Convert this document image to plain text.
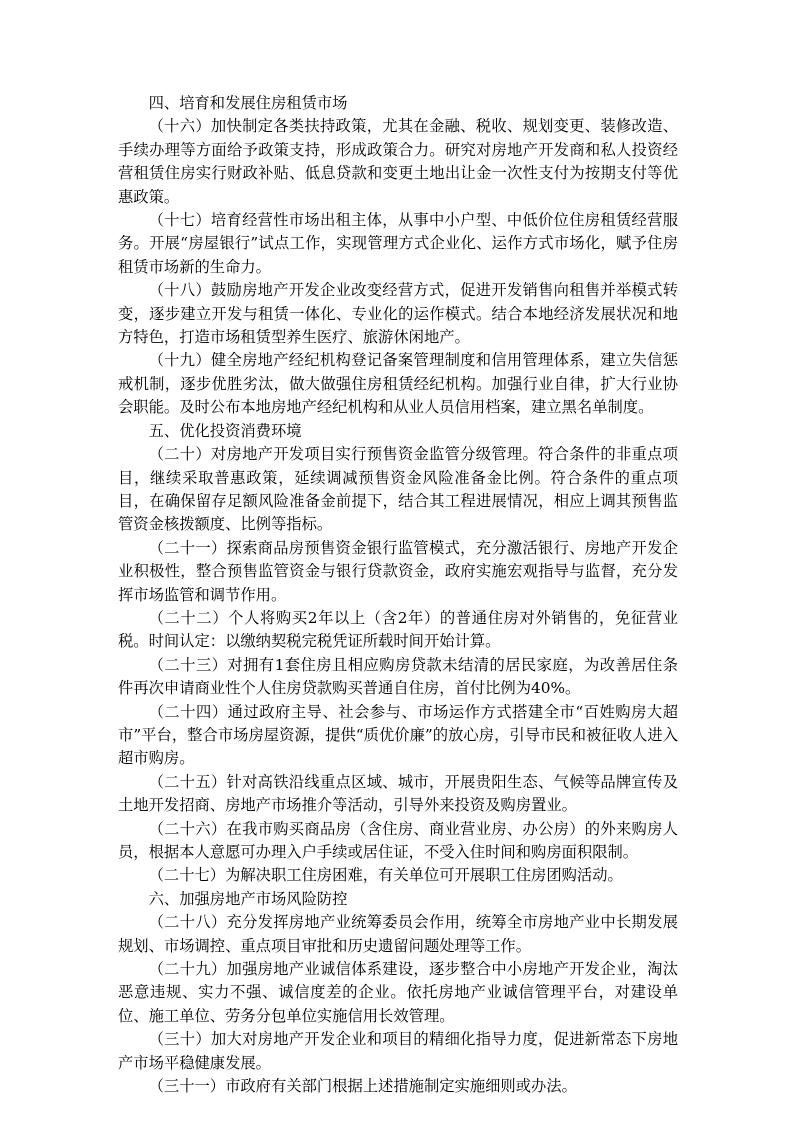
四、培育和发展住房租赁市场

（十六）加快制定各类扶持政策，尤其在金融、税收、规划变更、装修改造、手续办理等方面给予政策支持，形成政策合力。研究对房地产开发商和私人投资经营租赁住房实行财政补贴、低息贷款和变更土地出让金一次性支付为按期支付等优惠政策。

（十七）培育经营性市场出租主体，从事中小户型、中低价位住房租赁经营服务。开展“房屋银行”试点工作，实现管理方式企业化、运作方式市场化，赋予住房租赁市场新的生命力。

（十八）鼓励房地产开发企业改变经营方式，促进开发销售向租售并举模式转变，逐步建立开发与租赁一体化、专业化的运作模式。结合本地经济发展状况和地方特色，打造市场租赁型养生医疗、旅游休闲地产。

（十九）健全房地产经纪机构登记备案管理制度和信用管理体系，建立失信惩戒机制，逐步优胜劣汰，做大做强住房租赁经纪机构。加强行业自律，扩大行业协会职能。及时公布本地房地产经纪机构和从业人员信用档案，建立黑名单制度。

五、优化投资消费环境

（二十）对房地产开发项目实行预售资金监管分级管理。符合条件的非重点项目，继续采取普惠政策，延续调减预售资金风险准备金比例。符合条件的重点项目，在确保留存足额风险准备金前提下，结合其工程进展情况，相应上调其预售监管资金核拨额度、比例等指标。

（二十一）探索商品房预售资金银行监管模式，充分激活银行、房地产开发企业积极性，整合预售监管资金与银行贷款资金，政府实施宏观指导与监督，充分发挥市场监管和调节作用。

（二十二）个人将购买2年以上（含2年）的普通住房对外销售的，免征营业税。时间认定：以缴纳契税完税凭证所载时间开始计算。

（二十三）对拥有1套住房且相应购房贷款未结清的居民家庭，为改善居住条件再次申请商业性个人住房贷款购买普通自住房，首付比例为40%。

（二十四）通过政府主导、社会参与、市场运作方式搭建全市“百姓购房大超市”平台，整合市场房屋资源，提供“质优价廉”的放心房，引导市民和被征收人进入超市购房。

（二十五）针对高铁沿线重点区域、城市，开展贵阳生态、气候等品牌宣传及土地开发招商、房地产市场推介等活动，引导外来投资及购房置业。

（二十六）在我市购买商品房（含住房、商业营业房、办公房）的外来购房人员，根据本人意愿可办理入户手续或居住证，不受入住时间和购房面积限制。

（二十七）为解决职工住房困难，有关单位可开展职工住房团购活动。

六、加强房地产市场风险防控

（二十八）充分发挥房地产业统筹委员会作用，统筹全市房地产业中长期发展规划、市场调控、重点项目审批和历史遗留问题处理等工作。

（二十九）加强房地产业诚信体系建设，逐步整合中小房地产开发企业，淘汰恶意违规、实力不强、诚信度差的企业。依托房地产业诚信管理平台，对建设单位、施工单位、劳务分包单位实施信用长效管理。

（三十）加大对房地产开发企业和项目的精细化指导力度，促进新常态下房地产市场平稳健康发展。

（三十一）市政府有关部门根据上述措施制定实施细则或办法。
